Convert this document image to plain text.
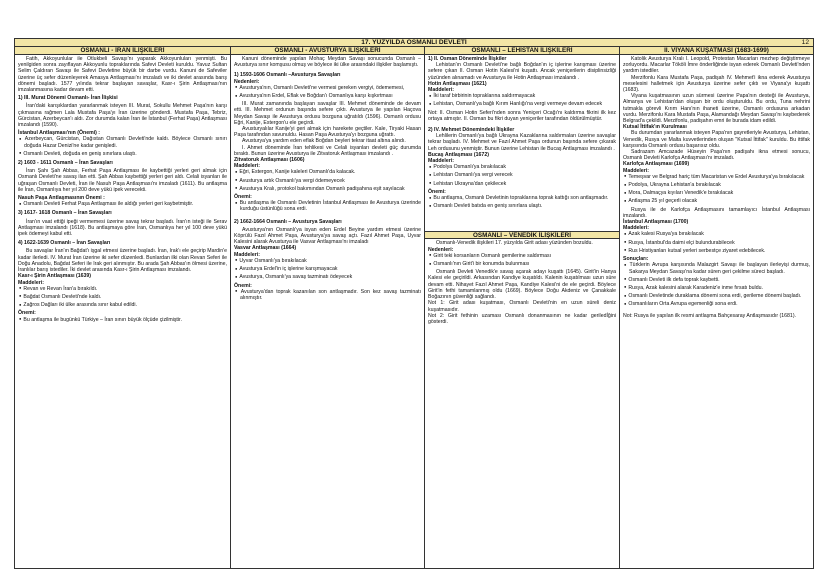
17. YÜZYILDA OSMANLI DEVLETİ	12
OSMANLI - İRAN İLİŞKİLERİ

Fatih, Akkoyunlular ile Otlukbeli Savaşı'nı yaparak Akkoyunluları yenmişti. Bu yenilgiden sonra zayıflayan Akkoyunlu topraklarında Safevi Devleti kuruldu. Yavuz Sultan Selim Çaldıran Savaşı ile Safevi Devletine büyük bir darbe vurdu. Kanuni de Safeviler üzerine üç sefer düzenleyerek Amasya Antlaşması'nı imzaladı ve iki devlet arasında barış dönemi başladı. 1577 yılında tekrar başlayan savaşlar, Kasr-ı Şirin Antlaşması'nın imzalanmasına kadar devam etti.

1) III. Murat Dönemi Osmanlı- İran İlişkisi

İran'daki karışıklardan yararlanmak isteyen III. Murat, Sokullu Mehmet Paşa'nın karşı çıkmasına rağmen Lala Mustafa Paşa'yı İran üzerine gönderdi. Mustafa Paşa, Tebriz, Gürcistan, Azerbeycan'ı aldı. Zor durumda kalan İran ile İstanbul (Ferhat Paşa) Antlaşması imzalandı (1590).

İstanbul Antlaşması'nın (Önemi) :

● Azerbeycan, Gürcistan, Dağıstan Osmanlı Devleti'nde kaldı. Böylece Osmanlı sınırı doğuda Hazar Denizi'ne kadar genişledi.

● Osmanlı Devleti, doğuda en geniş sınırlara ulaştı.

2) 1603 - 1611 Osmanlı – İran Savaşları

İran Şahı Şah Abbas, Ferhat Paşa Antlaşması ile kaybettiği yerleri geri almak için Osmanlı Devleti'ne savaş ilan etti. Şah Abbas kaybettiği yerleri geri aldı. Celali isyanları ile uğraşan Osmanlı Devleti, İran ile Nasuh Paşa Antlaşması'nı imzaladı (1611). Bu antlaşma ile İran, Osmanlıya her yıl 200 deve yükü ipek verecekti.

Nasuh Paşa Antlaşmasının Önemi :

● Osmanlı Devleti Ferhat Paşa Antlaşması ile aldığı yerleri geri kaybetmiştir.

3) 1617- 1618 Osmanlı – İran Savaşları

İran'ın vaat ettiği ipeği vermemesi üzerine savaş tekrar başladı. İran'ın isteği ile Serav Antlaşması imzalandı (1618). Bu antlaşmaya göre İran, Osmanlıya her yıl 100 deve yükü ipek ödemeyi kabul etti.

4) 1622-1639 Osmanlı – İran Savaşları

Bu savaşlar İran'ın Bağdat'ı işgal etmesi üzerine başladı. İran, Irak'ı ele geçirip Mardin'e kadar ilerledi. IV. Murat İran üzerine iki sefer düzenledi. Bunlardan ilki olan Revan Seferi ile Doğu Anadolu, Bağdat Seferi ile Irak geri alınmıştır. Bu arada Şah Abbas'ın ölmesi üzerine, İranlılar barış istediler. İki devlet arasında Kasr-ı Şirin Antlaşması imzalandı.

Kasr-ı Şirin Antlaşması (1639)

Maddeleri:

● Revan ve Revan İran'a bırakıldı.

● Bağdat Osmanlı Devleti'nde kaldı.

● Zağros Dağları iki ülke arasında sınır kabul edildi.

Önemi:

● Bu antlaşma ile bugünkü Türkiye – İran sınırı büyük ölçüde çizilmiştir.

OSMANLI - AVUSTURYA İLİŞKİLERİ

Kanuni döneminde yapılan Mohaç Meydan Savaşı sonucunda Osmanlı – Avusturya sınır komşusu olmuş ve böylece iki ülke arasındaki ilişkiler başlamıştı.

1) 1593-1606 Osmanlı –Avusturya Savaşları

Nedenleri:

● Avusturya'nın, Osmanlı Devleti'ne vermesi gereken vergiyi, ödememesi,

● Avusturya'nın Erdel, Eflak ve Boğdan'ı Osmanlıya karşı kışkırtması

III. Murat zamanında başlayan savaşlar III. Mehmet döneminde de devam etti. III. Mehmet ordunun başında sefere çıktı. Avusturya ile yapılan Haçova Meydan Savaşı ile Avusturya ordusu bozguna uğratıldı (1596). Osmanlı ordusu Eğri, Kanije, Estergon'u ele geçirdi.

Avusturyalılar Kanije'yi geri almak için harekete geçtiler. Kale, Tiryaki Hasan Paşa tarafından savunuldu. Hasan Paşa Avusturya'yı bozguna uğrattı.

Avusturya'ya yardım eden eflak Boğdan beyleri tekrar itaat altına alındı.

I. Ahmet döneminde İran tehlikesi ve Celali isyanları devleti güç durumda bıraktı. Bunun üzerine Avusturya ile Zitvatoruk Antlaşması imzalandı .

Zitvatoruk Antlaşması (1606)

Maddeleri:

● Eğri, Estergon, Kanije kaleleri Osmanlı'da kalacak.

● Avusturya artık Osmanlı'ya vergi ödemeyecek

● Avusturya Kralı, protokol bakımından Osmanlı padişahına eşit sayılacak

Önemi:

● Bu antlaşma ile Osmanlı Devletinin İstanbul Antlaşması ile Avusturya üzerinde kurduğu üstünlüğü sona erdi.

2) 1662-1664 Osmanlı – Avusturya Savaşları

Avusturya'nın Osmanlı'ya isyan eden Erdel Beyine yardım etmesi üzerine Köprülü Fazıl Ahmet Paşa, Avusturya'ya savaş açtı. Fazıl Ahmet Paşa, Uyvar Kalesini alarak Avusturya ile Vasvar Antlaşması'nı imzaladı

Vasvar Antlaşması (1664)

Maddeleri:

● Uyvar Osmanlı'ya bırakılacak

● Avusturya Erdel'in iç işlerine karışmayacak

● Avusturya, Osmanlı'ya savaş tazminatı ödeyecek

Önemi:

● Avusturya'dan toprak kazanılan son antlaşmadır. Son kez savaş tazminatı alınmıştır.

OSMANLI – LEHİSTAN İLİŞKİLERİ

1) II. Osman Döneminde İlişkiler

Lehistan'ın Osmanlı Devleti'ne bağlı Boğdan'ın iç işlerine karışması üzerine sefere çıkan II. Osman Hotin Kalesi'ni kuşattı. Ancak yeniçerilerin disiplinsizliği yüzünden alınamadı ve Avusturya ile Hotin Antlaşması imzalandı .

Hotin Antlaşması (1621)

Maddeleri:

● İki taraf birbirinin topraklarına saldırmayacak

● Lehistan, Osmanlı'ya bağlı Kırım Hanlığı'na vergi vermeye devam edecek

Not: II. Osman Hotin Seferi'nden sonra Yeniçeri Ocağı'nı kaldırma fikrini ilk kez ortaya atmıştır. II. Osman bu fikri duyan yeniçeriler tarafından öldürülmüştür.

2) IV. Mehmet Dönemindeki İlişkiler

Lehlilerin Osmanlı'ya bağlı Ukrayna Kazaklarına saldırmaları üzerine savaşlar tekrar başladı. IV. Mehmet ve Fazıl Ahmet Paşa ordunun başında sefere çıkarak Leh ordusunu yenmiştir. Bunun üzerine Lehistan ile Bucaş Antlaşması imzalandı .

Bucaş Antlaşması (1672)

Maddeleri:

● Podolya Osmanlı'ya bırakılacak

● Lehistan Osmanlı'ya vergi verecek

● Lehistan Ukrayna'dan çekilecek

Önemi:

● Bu antlaşma, Osmanlı Devletinin topraklarına toprak kattığı son antlaşmadır.

● Osmanlı Devleti batıda en geniş sınırlara ulaştı.

OSMANLI – VENEDİK İLİŞKİLERİ

Osmanlı-Venedik ilişkileri 17. yüzyılda Girit adası yüzünden bozuldu.

Nedenleri:

● Girit teki korsanların Osmanlı gemilerine saldırması

● Osmanlı'nın Girit'i bir konumda bulunması

Osmanlı Devleti Venedik'e savaş açarak adayı kuşattı (1645). Girit'in Hanya Kalesi ele geçirildi. Arkasından Kandiye kuşatıldı. Kalenin kuşatılması uzun süre devam etti. Nihayet Fazıl Ahmet Paşa, Kandiye Kalesi'ni de ele geçirdi. Böylece Girit'in fethi tamamlanmış oldu (1669). Böylece Doğu Akdeniz ve Çanakkale Boğazının güvenliği sağlandı.

Not 1: Girit adası kuşatması, Osmanlı Devleti'nin en uzun süreli deniz kuşatmasıdır.

Not 2: Girit fethinin uzaması Osmanlı donanmasının ne kadar geriledİğini gösterdi.

II. VİYANA KUŞATMASI (1683-1699)

Katolik Avusturya Kralı I. Leopold, Protestan Macarları mezhep değiştirmeye zorluyordu. Macarlar Tököli İmre önderliğinde isyan ederek Osmanlı Devleti'nden yardım istediler.

Merzifonlu Kara Mustafa Paşa, padişah IV. Mehmet'i ikna ederek Avusturya meselesini halletmek için Avusturya üzerine sefer çıktı ve Viyana'yı kuşattı (1683).

Viyana kuşatmasının uzun sürmesi üzerine Papa'nın desteği ile Avusturya, Almanya ve Lehistan'dan oluşan bir ordu oluşturuldu. Bu ordu, Tuna nehrini tutmakla görevli Kırım Hanı'nın ihaneti üzerine, Osmanlı ordusuna arkadan vurdu. Merzifonlu Kara Mustafa Paşa, Alamandağı Meydan Savaşı'nı kaybederek Belgrad'a çekildi. Merzifonlu, padişahın emri ile burada idam edildi.

Kutsal İttifak'ın Kurulması

Bu durumdan yararlanmak isteyen Papa'nın gayretleriyle Avusturya, Lehistan, Venedik, Rusya ve Malta kuvvetlerinden oluşan "Kutsal İttifak" kuruldu. Bu ittifak karşısında Osmanlı ordusu başarısız oldu.

Sadrazam Amcazade Hüseyin Paşa'nın padişahı ikna etmesi sonucu, Osmanlı Devleti Karlofça Antlaşması'nı imzaladı.

Karlofça Antlaşması (1699)

Maddeleri:

● Temeşvar ve Belgrad hariç tüm Macaristan ve Erdel Avusturya'ya bırakılacak

● Podolya, Ukrayna Lehistan'a bırakılacak

● Mora, Dalmaçya kıyıları Venedik'e bırakılacak

● Antlaşma 25 yıl geçerli olacak

Rusya ile de Karlofça Antlaşmasını tamamlayıcı İstanbul Antlaşması imzalandı.

İstanbul Antlaşması (1700)

Maddeleri:

● Azak kalesi Rusya'ya bırakılacak

● Rusya, İstanbul'da daimi elçi bulundurabilecek

● Rus Hristiyanları kutsal yerleri serbestçe ziyaret edebilecek.

Sonuçları:

● Türklerin Avrupa karşısında Malazgirt Savaşı ile başlayan ilerleyişi durmuş, Sakarya Meydan Savaşı'na kadar süren geri çekilme süreci başladı.

● Osmanlı Devleti ilk defa toprak kaybetti.

● Rusya, Azak kalesini alarak Karadeniz'e inme fırsatı buldu.

● Osmanlı Devletinde duraklama dönemi sona erdi, gerileme dönemi başladı.

● Osmanlıların Orta Avrupa egemenliği sona erdi.

Not: Rusya ile yapılan ilk resmi antlaşma Bahçesaray Antlaşmasıdır (1681).
